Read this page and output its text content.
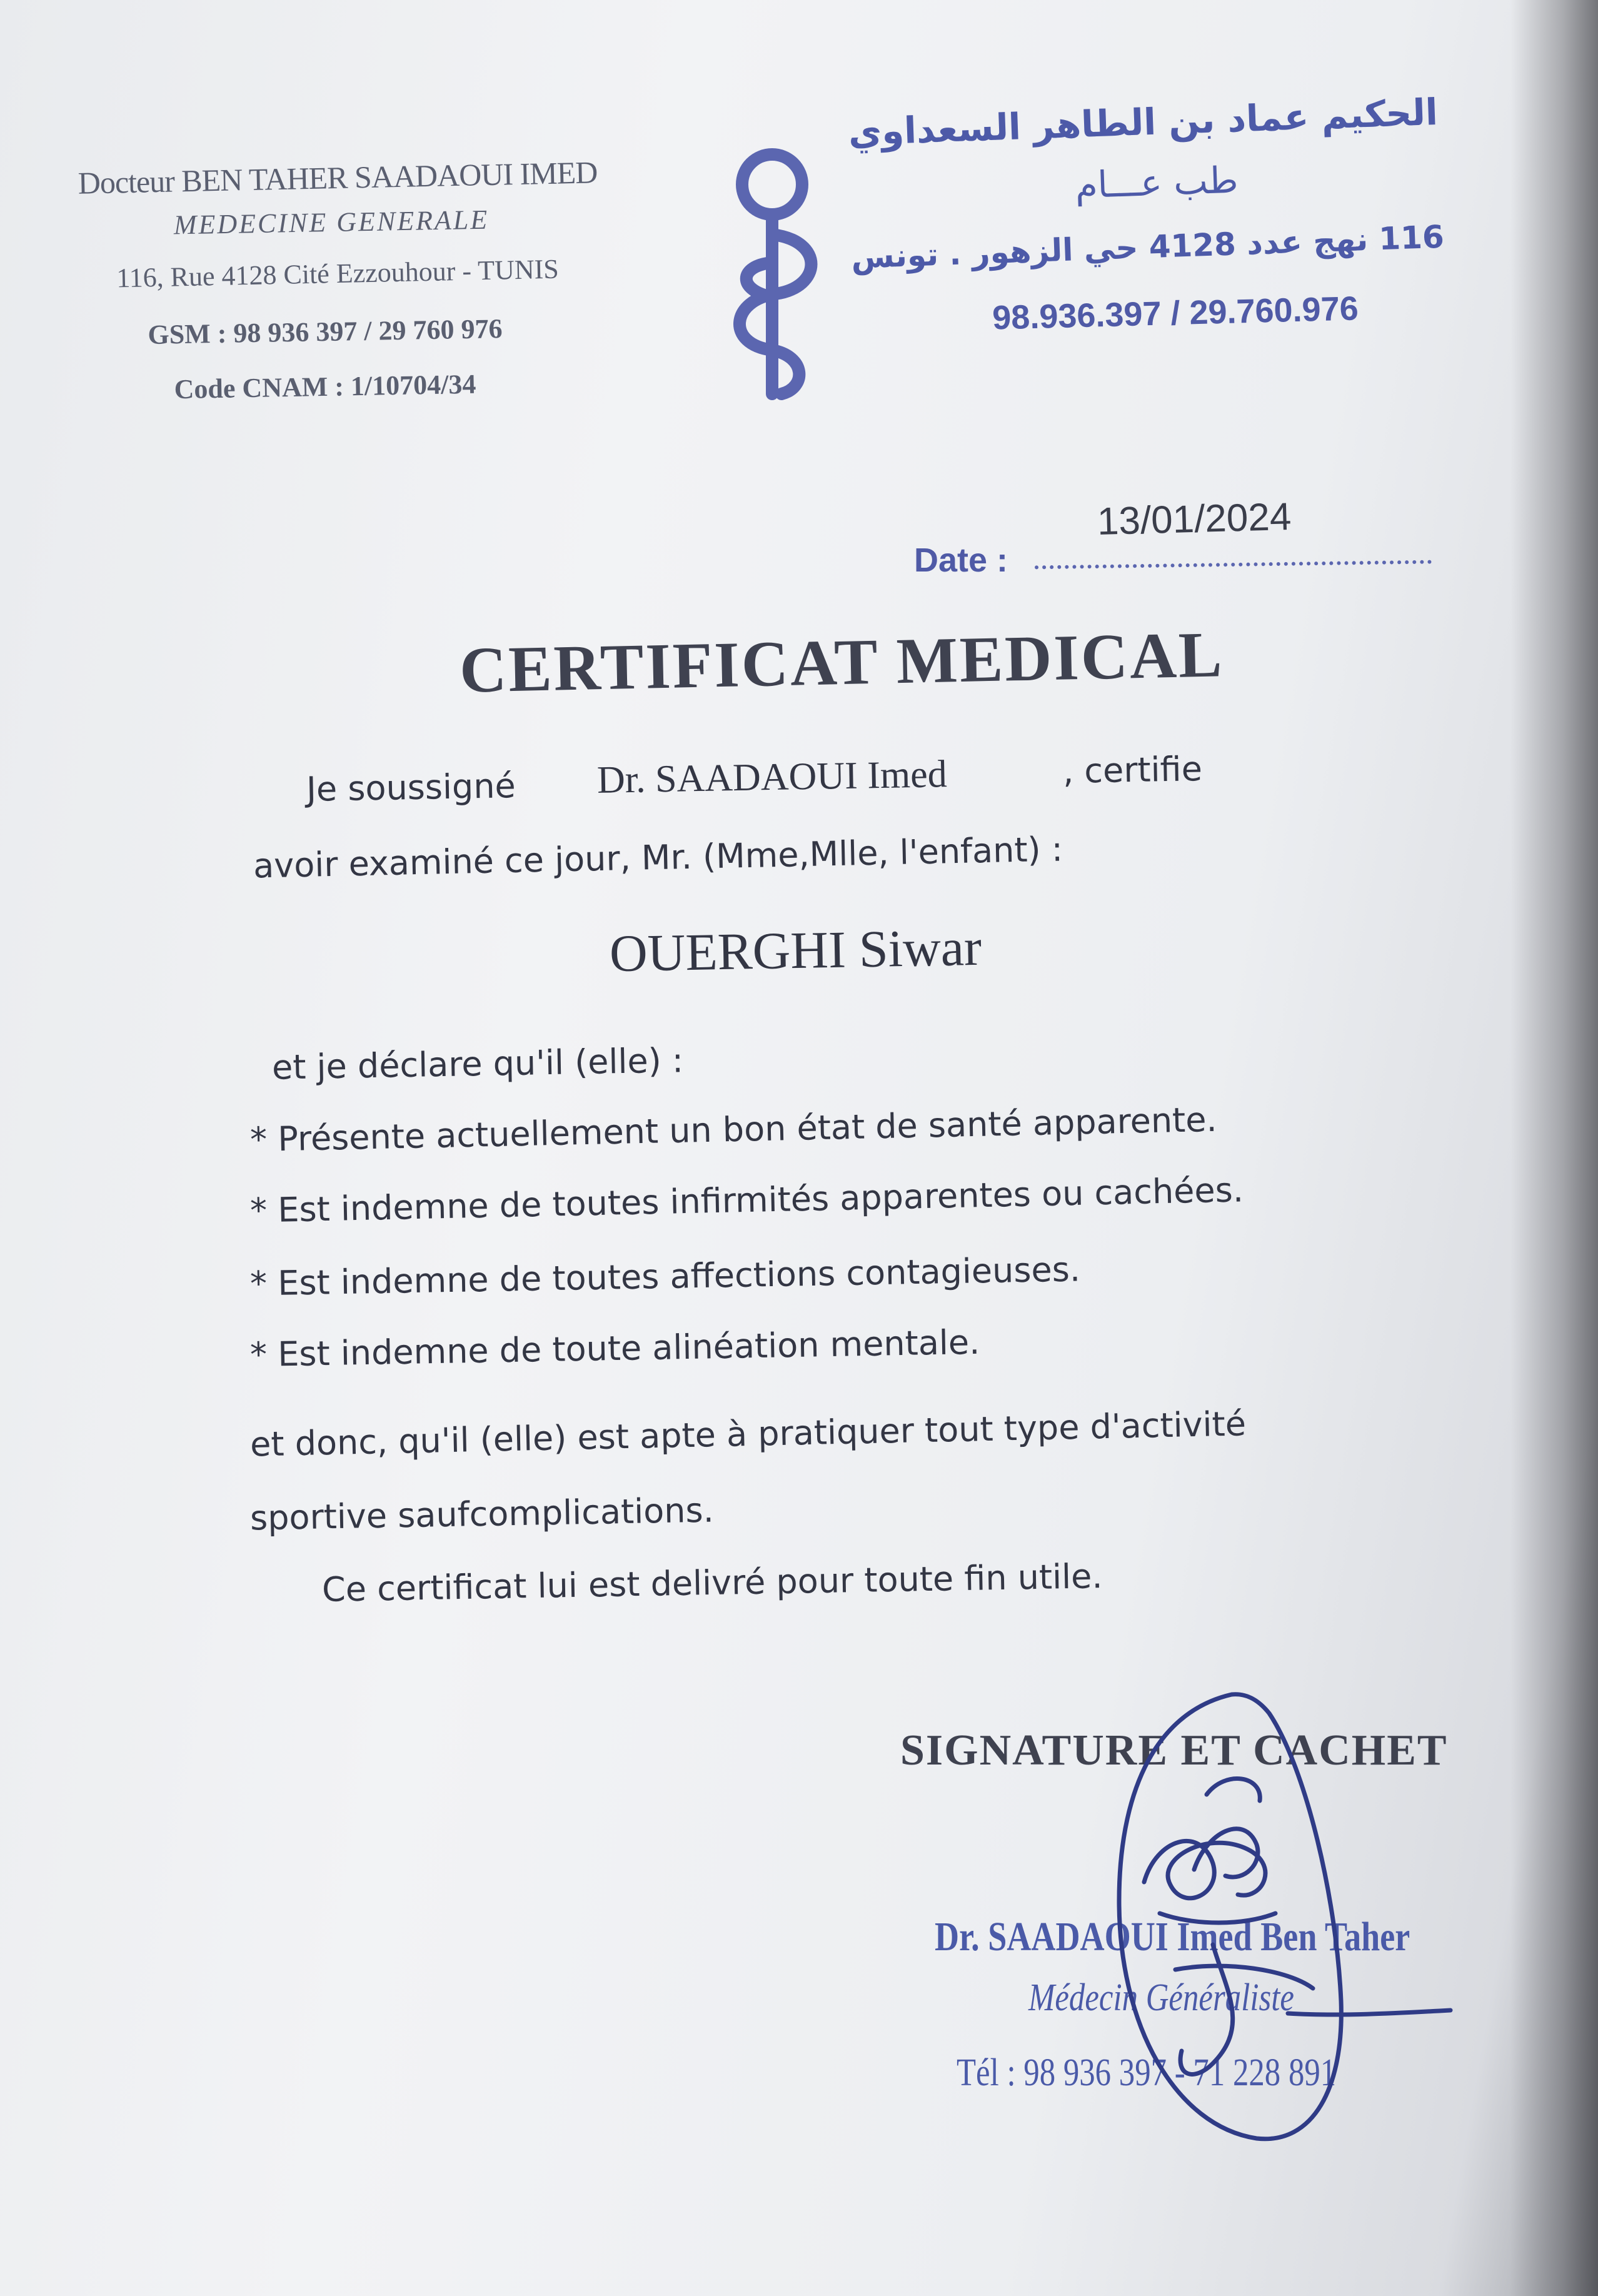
Docteur BEN TAHER SAADAOUI IMED
MEDECINE GENERALE
116, Rue 4128 Cité Ezzouhour - TUNIS
GSM : 98 936 397 / 29 760 976
Code CNAM : 1/10704/34
الحكيم عماد بن الطاهر السعداوي
طب عـــام
116 نهج عدد 4128 حي الزهور . تونس
98.936.397 / 29.760.976
13/01/2024
Date :
CERTIFICAT MEDICAL
Je soussigné Dr. SAADAOUI Imed	, certifie
avoir examiné ce jour, Mr. (Mme,Mlle, l'enfant) :
OUERGHI Siwar
et je déclare qu'il (elle) :
* Présente actuellement un bon état de santé apparente.
* Est indemne de toutes infirmités apparentes ou cachées.
* Est indemne de toutes affections contagieuses.
* Est indemne de toute alinéation mentale.
et donc, qu'il (elle) est apte à pratiquer tout type d'activité
sportive saufcomplications.
Ce certificat lui est delivré pour toute fin utile.
SIGNATURE ET CACHET
Dr. SAADAOUI Imed Ben Taher
Médecin Généraliste
Tél : 98 936 397 - 71 228 891
